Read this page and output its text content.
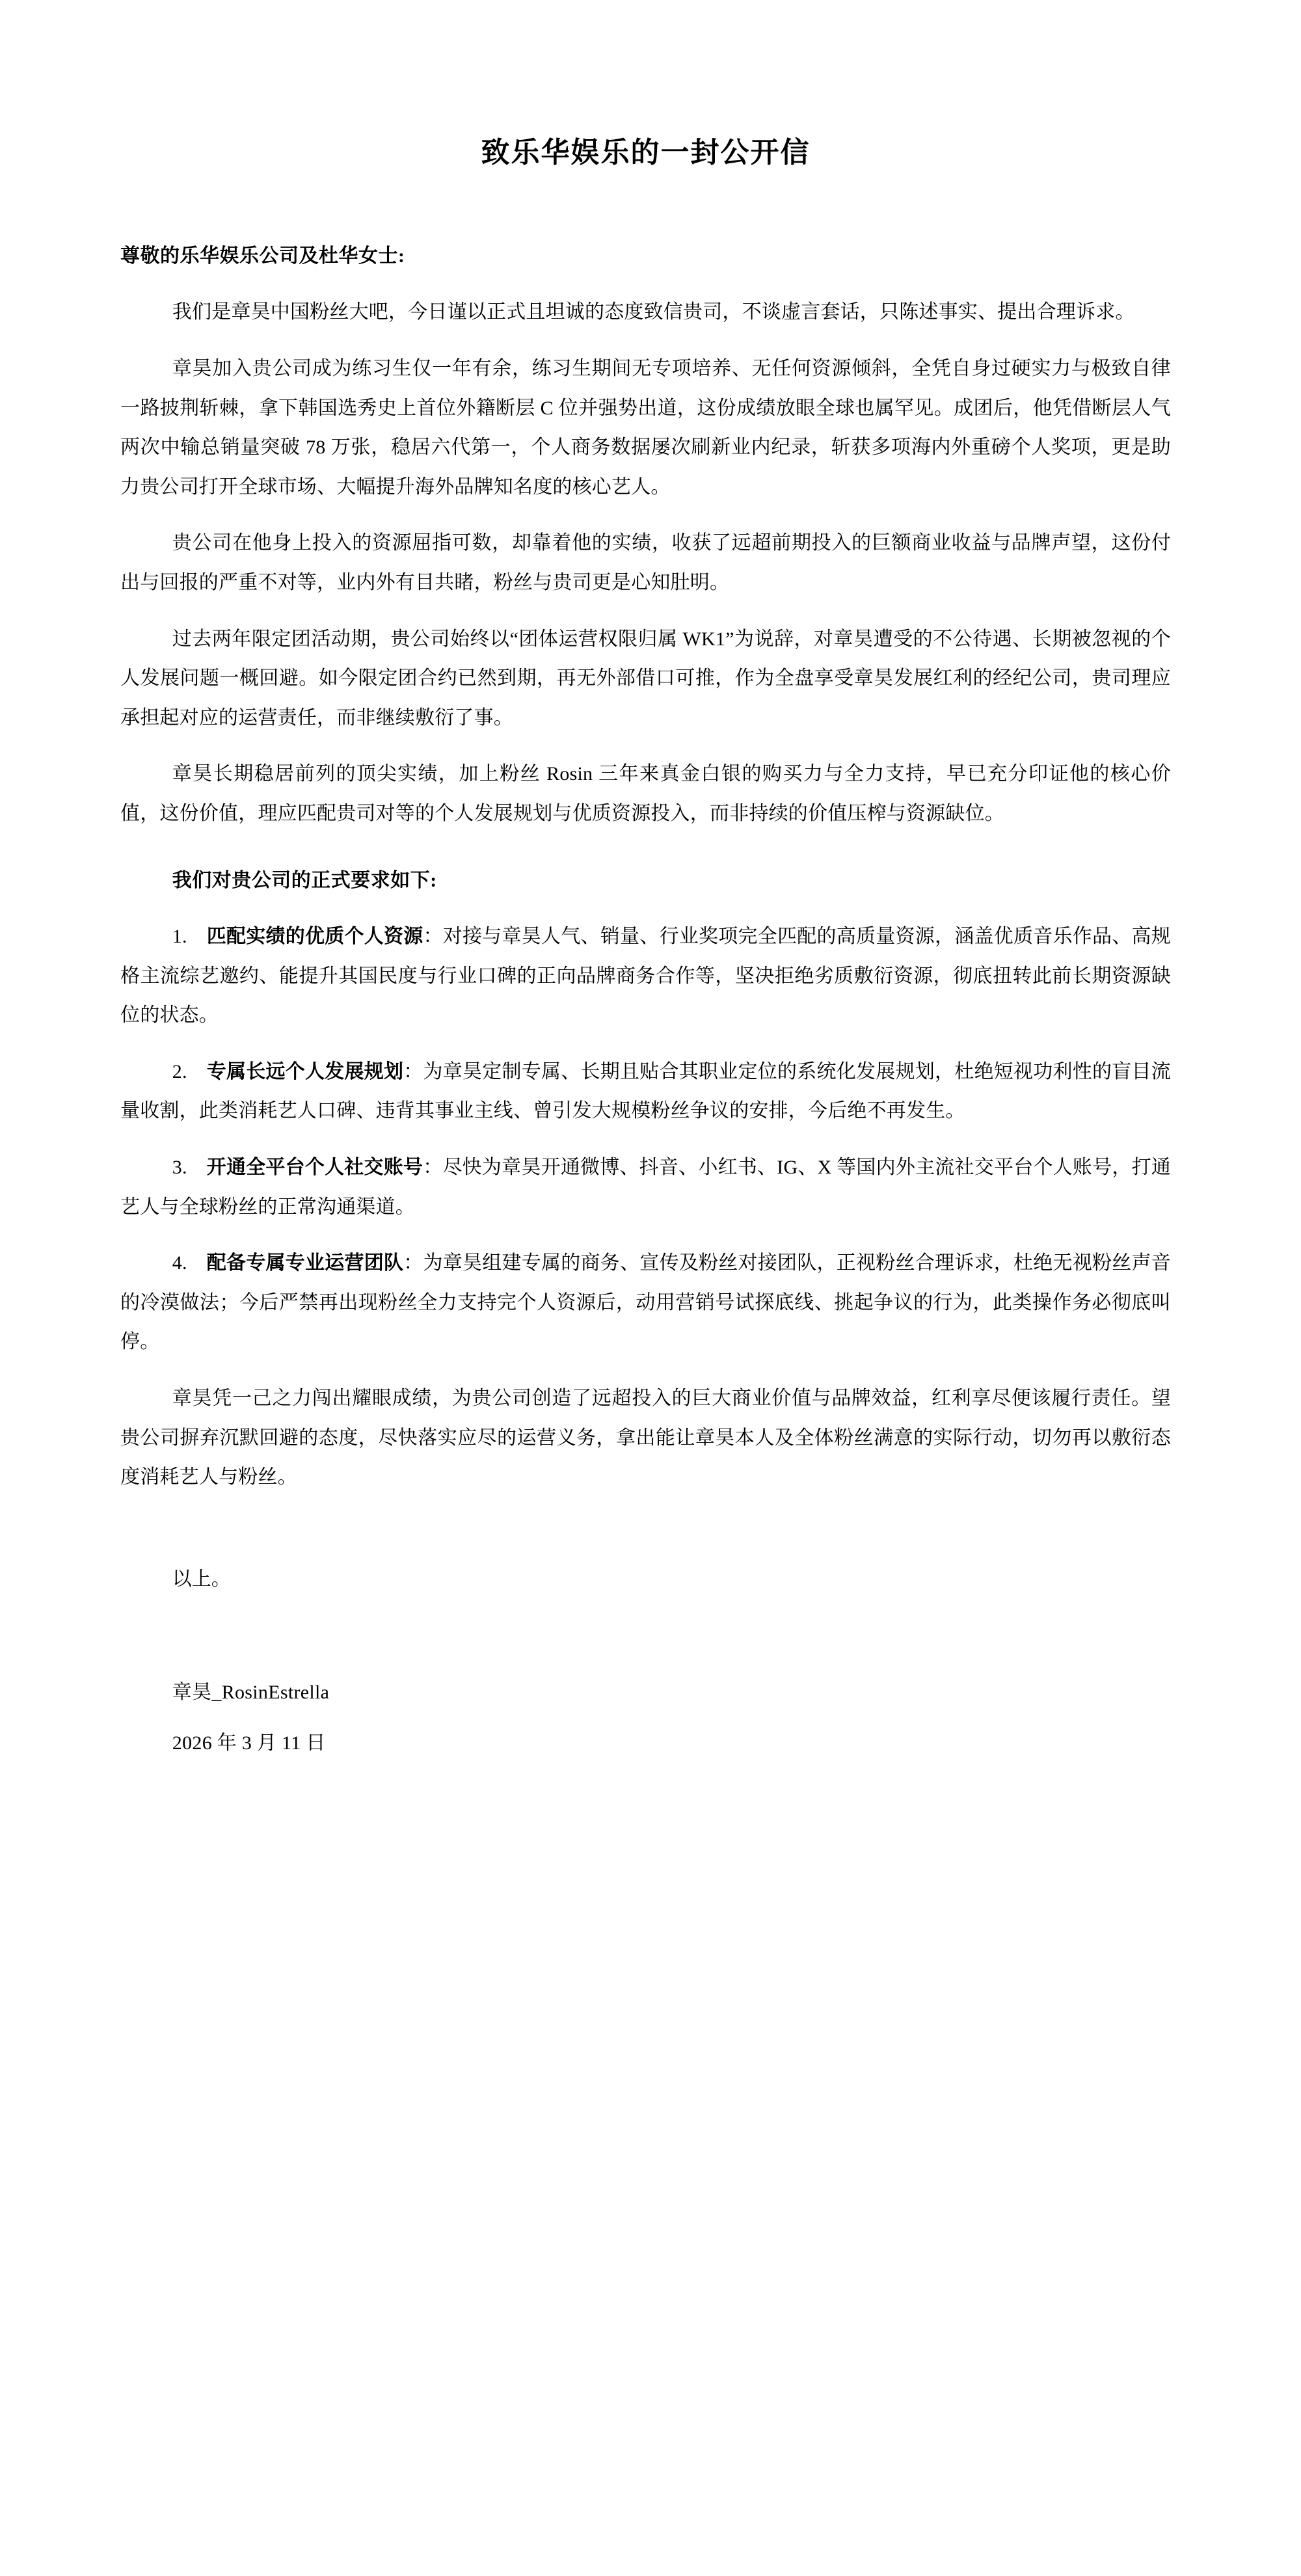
致乐华娱乐的一封公开信

尊敬的乐华娱乐公司及杜华女士:

我们是章昊中国粉丝大吧，今日谨以正式且坦诚的态度致信贵司，不谈虚言套话，只陈述事实、提出合理诉求。

章昊加入贵公司成为练习生仅一年有余，练习生期间无专项培养、无任何资源倾斜，全凭自身过硬实力与极致自律一路披荆斩棘，拿下韩国选秀史上首位外籍断层 C 位并强势出道，这份成绩放眼全球也属罕见。成团后，他凭借断层人气两次中输总销量突破 78 万张，稳居六代第一，个人商务数据屡次刷新业内纪录，斩获多项海内外重磅个人奖项，更是助力贵公司打开全球市场、大幅提升海外品牌知名度的核心艺人。

贵公司在他身上投入的资源屈指可数，却靠着他的实绩，收获了远超前期投入的巨额商业收益与品牌声望，这份付出与回报的严重不对等，业内外有目共睹，粉丝与贵司更是心知肚明。

过去两年限定团活动期，贵公司始终以“团体运营权限归属 WK1”为说辞，对章昊遭受的不公待遇、长期被忽视的个人发展问题一概回避。如今限定团合约已然到期，再无外部借口可推，作为全盘享受章昊发展红利的经纪公司，贵司理应承担起对应的运营责任，而非继续敷衍了事。

章昊长期稳居前列的顶尖实绩，加上粉丝 Rosin 三年来真金白银的购买力与全力支持，早已充分印证他的核心价值，这份价值，理应匹配贵司对等的个人发展规划与优质资源投入，而非持续的价值压榨与资源缺位。

我们对贵公司的正式要求如下:

1. 匹配实绩的优质个人资源：对接与章昊人气、销量、行业奖项完全匹配的高质量资源，涵盖优质音乐作品、高规格主流综艺邀约、能提升其国民度与行业口碑的正向品牌商务合作等，坚决拒绝劣质敷衍资源，彻底扭转此前长期资源缺位的状态。
2. 专属长远个人发展规划：为章昊定制专属、长期且贴合其职业定位的系统化发展规划，杜绝短视功利性的盲目流量收割，此类消耗艺人口碑、违背其事业主线、曾引发大规模粉丝争议的安排，今后绝不再发生。
3. 开通全平台个人社交账号：尽快为章昊开通微博、抖音、小红书、IG、X 等国内外主流社交平台个人账号，打通艺人与全球粉丝的正常沟通渠道。
4. 配备专属专业运营团队：为章昊组建专属的商务、宣传及粉丝对接团队，正视粉丝合理诉求，杜绝无视粉丝声音的冷漠做法；今后严禁再出现粉丝全力支持完个人资源后，动用营销号试探底线、挑起争议的行为，此类操作务必彻底叫停。

章昊凭一己之力闯出耀眼成绩，为贵公司创造了远超投入的巨大商业价值与品牌效益，红利享尽便该履行责任。望贵公司摒弃沉默回避的态度，尽快落实应尽的运营义务，拿出能让章昊本人及全体粉丝满意的实际行动，切勿再以敷衍态度消耗艺人与粉丝。

以上。

章昊_RosinEstrella

2026 年 3 月 11 日
